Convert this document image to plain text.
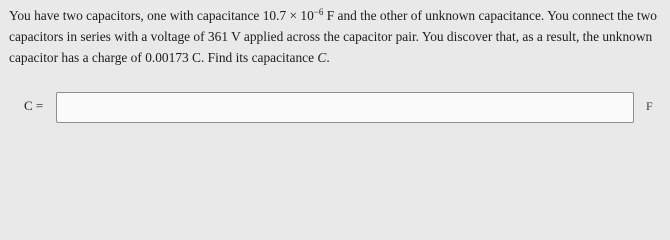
You have two capacitors, one with capacitance $10.7 \times 10^{-6}$ F and the other of unknown capacitance. You connect the two
capacitors in series with a voltage of 361 V applied across the capacitor pair. You discover that, as a result, the unknown
capacitor has a charge of 0.00173 C. Find its capacitance C.

C =	F
